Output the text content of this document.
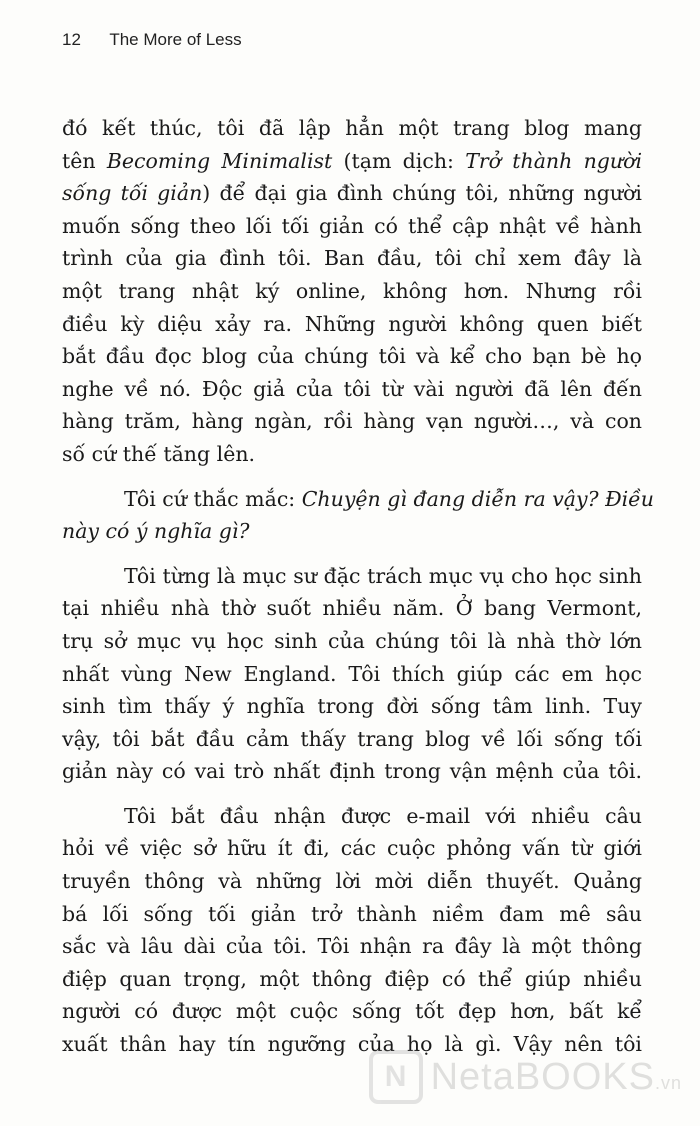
12 The More of Less
đó kết thúc, tôi đã lập hẳn một trang blog mang
tên Becoming Minimalist (tạm dịch: Trở thành người
sống tối giản) để đại gia đình chúng tôi, những người
muốn sống theo lối tối giản có thể cập nhật về hành
trình của gia đình tôi. Ban đầu, tôi chỉ xem đây là
một trang nhật ký online, không hơn. Nhưng rồi
điều kỳ diệu xảy ra. Những người không quen biết
bắt đầu đọc blog của chúng tôi và kể cho bạn bè họ
nghe về nó. Độc giả của tôi từ vài người đã lên đến
hàng trăm, hàng ngàn, rồi hàng vạn người…, và con
số cứ thế tăng lên.
Tôi cứ thắc mắc: Chuyện gì đang diễn ra vậy? Điều
này có ý nghĩa gì?
Tôi từng là mục sư đặc trách mục vụ cho học sinh
tại nhiều nhà thờ suốt nhiều năm. Ở bang Vermont,
trụ sở mục vụ học sinh của chúng tôi là nhà thờ lớn
nhất vùng New England. Tôi thích giúp các em học
sinh tìm thấy ý nghĩa trong đời sống tâm linh. Tuy
vậy, tôi bắt đầu cảm thấy trang blog về lối sống tối
giản này có vai trò nhất định trong vận mệnh của tôi.
Tôi bắt đầu nhận được e-mail với nhiều câu
hỏi về việc sở hữu ít đi, các cuộc phỏng vấn từ giới
truyền thông và những lời mời diễn thuyết. Quảng
bá lối sống tối giản trở thành niềm đam mê sâu
sắc và lâu dài của tôi. Tôi nhận ra đây là một thông
điệp quan trọng, một thông điệp có thể giúp nhiều
người có được một cuộc sống tốt đẹp hơn, bất kể
xuất thân hay tín ngưỡng của họ là gì. Vậy nên tôi
N NetaBOOKS.vn
